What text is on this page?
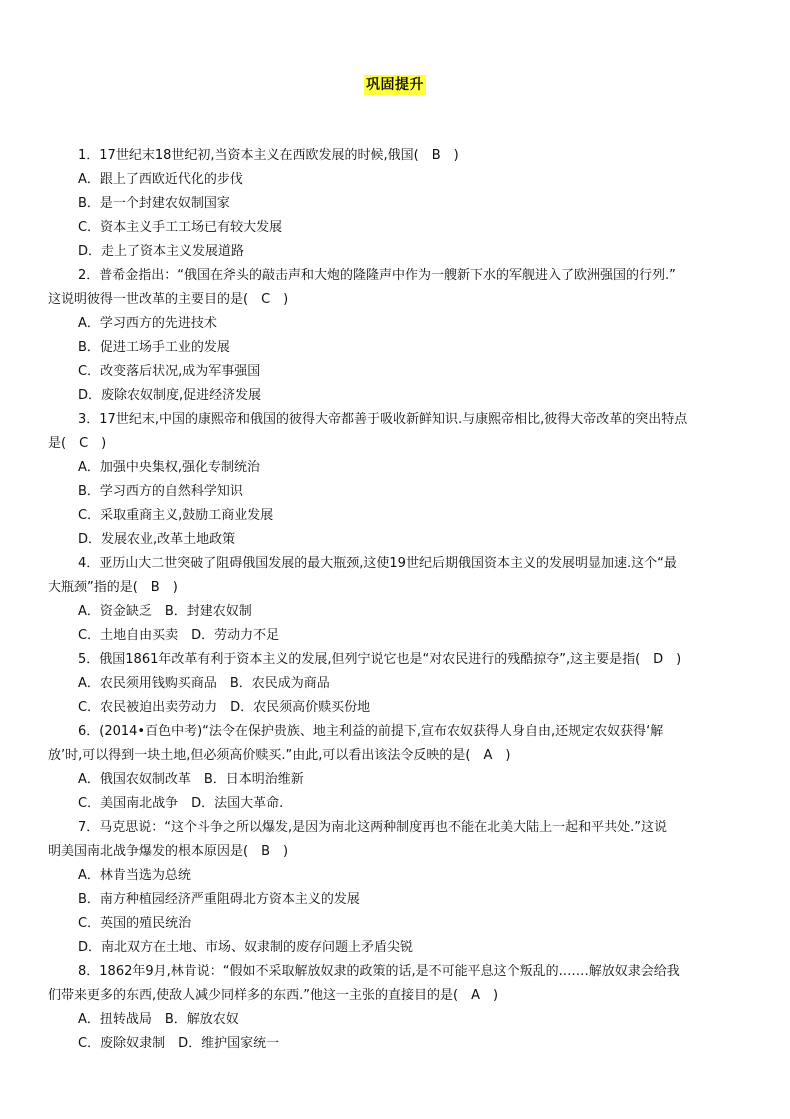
巩固提升
1．17世纪末18世纪初,当资本主义在西欧发展的时候,俄国(　B　)
A．跟上了西欧近代化的步伐
B．是一个封建农奴制国家
C．资本主义手工工场已有较大发展
D．走上了资本主义发展道路
2．普希金指出：“俄国在斧头的敲击声和大炮的隆隆声中作为一艘新下水的军舰进入了欧洲强国的行列.”
这说明彼得一世改革的主要目的是(　C　)
A．学习西方的先进技术
B．促进工场手工业的发展
C．改变落后状况,成为军事强国
D．废除农奴制度,促进经济发展
3．17世纪末,中国的康熙帝和俄国的彼得大帝都善于吸收新鲜知识.与康熙帝相比,彼得大帝改革的突出特点
是(　C　)
A．加强中央集权,强化专制统治
B．学习西方的自然科学知识
C．采取重商主义,鼓励工商业发展
D．发展农业,改革土地政策
4．亚历山大二世突破了阻碍俄国发展的最大瓶颈,这使19世纪后期俄国资本主义的发展明显加速.这个“最
大瓶颈”指的是(　B　)
A．资金缺乏　B．封建农奴制
C．土地自由买卖　D．劳动力不足
5．俄国1861年改革有利于资本主义的发展,但列宁说它也是“对农民进行的残酷掠夺”,这主要是指(　D　)
A．农民须用钱购买商品　B．农民成为商品
C．农民被迫出卖劳动力　D．农民须高价赎买份地
6．(2014•百色中考)“法令在保护贵族、地主利益的前提下,宣布农奴获得人身自由,还规定农奴获得‘解
放’时,可以得到一块土地,但必须高价赎买.”由此,可以看出该法令反映的是(　A　)
A．俄国农奴制改革　B．日本明治维新
C．美国南北战争　D．法国大革命.
7．马克思说：“这个斗争之所以爆发,是因为南北这两种制度再也不能在北美大陆上一起和平共处.”这说
明美国南北战争爆发的根本原因是(　B　)
A．林肯当选为总统
B．南方种植园经济严重阻碍北方资本主义的发展
C．英国的殖民统治
D．南北双方在土地、市场、奴隶制的废存问题上矛盾尖锐
8．1862年9月,林肯说：“假如不采取解放奴隶的政策的话,是不可能平息这个叛乱的.……解放奴隶会给我
们带来更多的东西,使敌人减少同样多的东西.”他这一主张的直接目的是(　A　)
A．扭转战局　B．解放农奴
C．废除奴隶制　D．维护国家统一
